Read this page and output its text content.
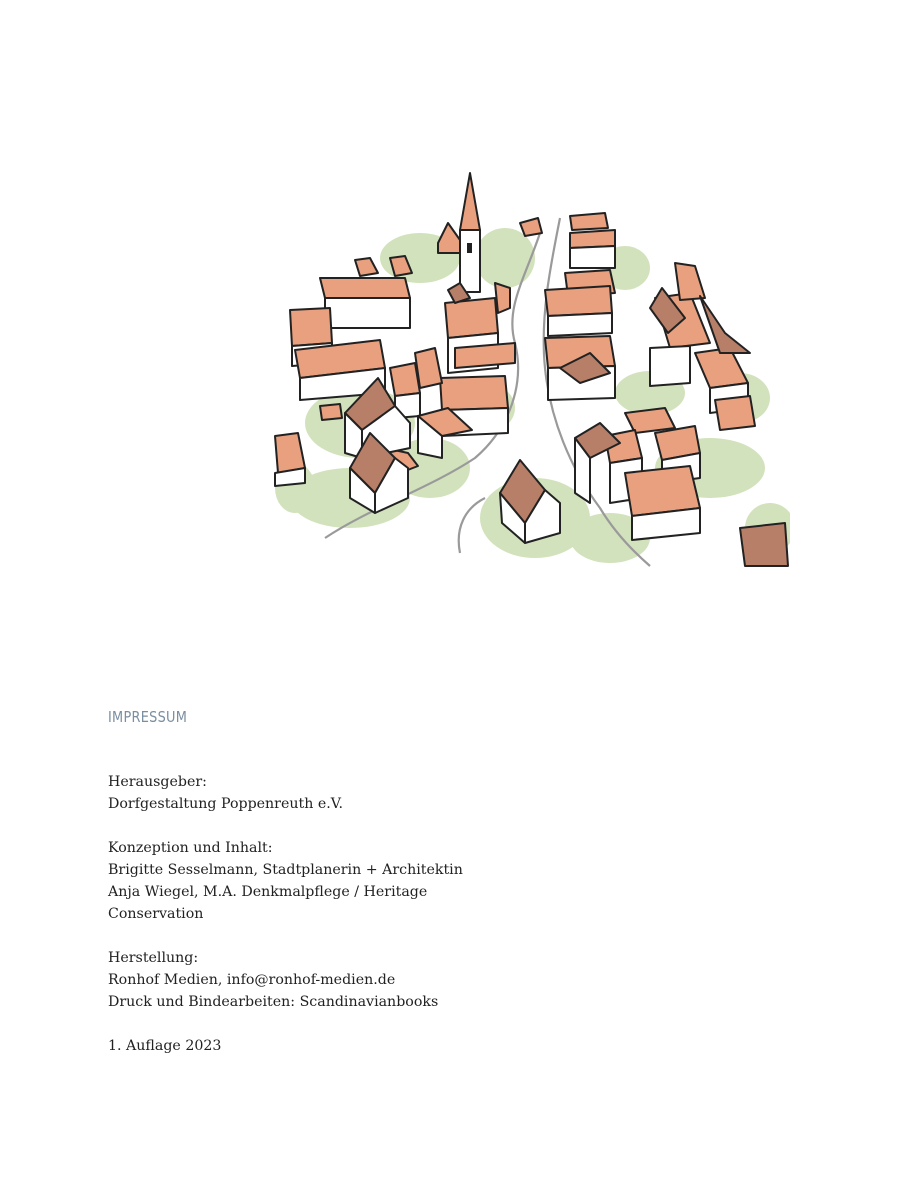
IMPRESSUM
Herausgeber:
Dorfgestaltung Poppenreuth e.V.
Konzeption und Inhalt:
Brigitte Sesselmann, Stadtplanerin + Architektin
Anja Wiegel, M.A. Denkmalpflege / Heritage
Conservation
Herstellung:
Ronhof Medien, info@ronhof-medien.de
Druck und Bindearbeiten: Scandinavianbooks
1. Auflage 2023
